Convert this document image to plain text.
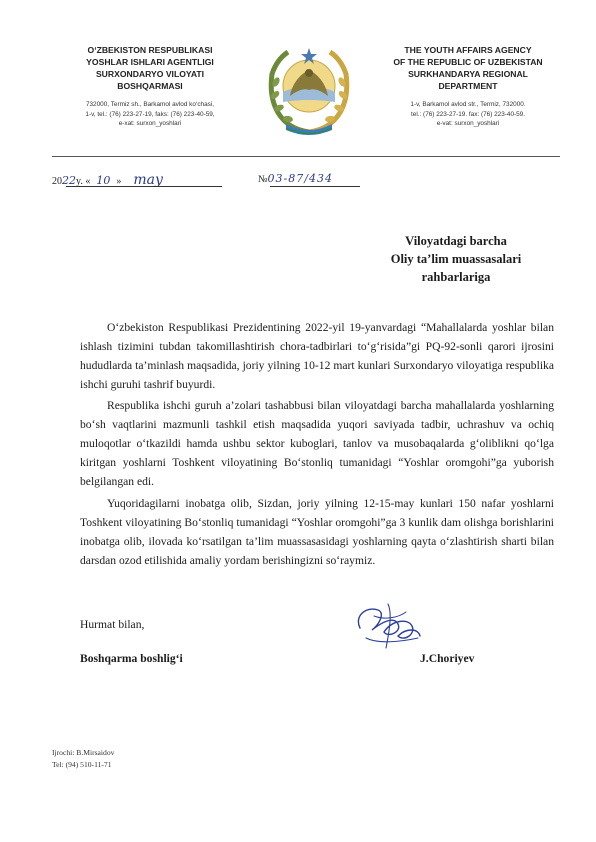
O‘ZBEKISTON RESPUBLIKASI
YOSHLAR ISHLARI AGENTLIGI
SURXONDARYO VILOYATI
BOSHQARMASI
732000, Termiz sh., Barkamol avlod ko‘chasi,
1-v, tel.: (76) 223-27-19, faks: (76) 223-40-59,
e-xat: surxon_yoshlari
THE YOUTH AFFAIRS AGENCY
OF THE REPUBLIC OF UZBEKISTAN
SURKHANDARYA REGIONAL
DEPARTMENT
1-v, Barkamol avlod str., Termiz, 732000.
tel.: (76) 223-27-19. fax: (76) 223-40-59.
e-vat: surxon_yoshlari
2022y. « 10 » may	№03-87/434
Viloyatdagi barcha
Oliy ta’lim muassasalari
rahbarlariga
O‘zbekiston Respublikasi Prezidentining 2022-yil 19-yanvardagi “Mahallalarda yoshlar bilan ishlash tizimini tubdan takomillashtirish chora-tadbirlari to‘g‘risida”gi PQ-92-sonli qarori ijrosini hududlarda ta’minlash maqsadida, joriy yilning 10-12 mart kunlari Surxondaryo viloyatiga respublika ishchi guruhi tashrif buyurdi.
Respublika ishchi guruh a’zolari tashabbusi bilan viloyatdagi barcha mahallalarda yoshlarning bo‘sh vaqtlarini mazmunli tashkil etish maqsadida yuqori saviyada tadbir, uchrashuv va ochiq muloqotlar o‘tkazildi hamda ushbu sektor kuboglari, tanlov va musobaqalarda g‘oliblikni qo‘lga kiritgan yoshlarni Toshkent viloyatining Bo‘stonliq tumanidagi “Yoshlar oromgohi”ga yuborish belgilangan edi.
Yuqoridagilarni inobatga olib, Sizdan, joriy yilning 12-15-may kunlari 150 nafar yoshlarni Toshkent viloyatining Bo‘stonliq tumanidagi “Yoshlar oromgohi”ga 3 kunlik dam olishga borishlarini inobatga olib, ilovada ko‘rsatilgan ta’lim muassasasidagi yoshlarning qayta o‘zlashtirish sharti bilan darsdan ozod etilishida amaliy yordam berishingizni so‘raymiz.
Hurmat bilan,
Boshqarma boshlig‘i	J.Choriyev
Ijrochi: B.Mirsaidov
Tel: (94) 510-11-71
